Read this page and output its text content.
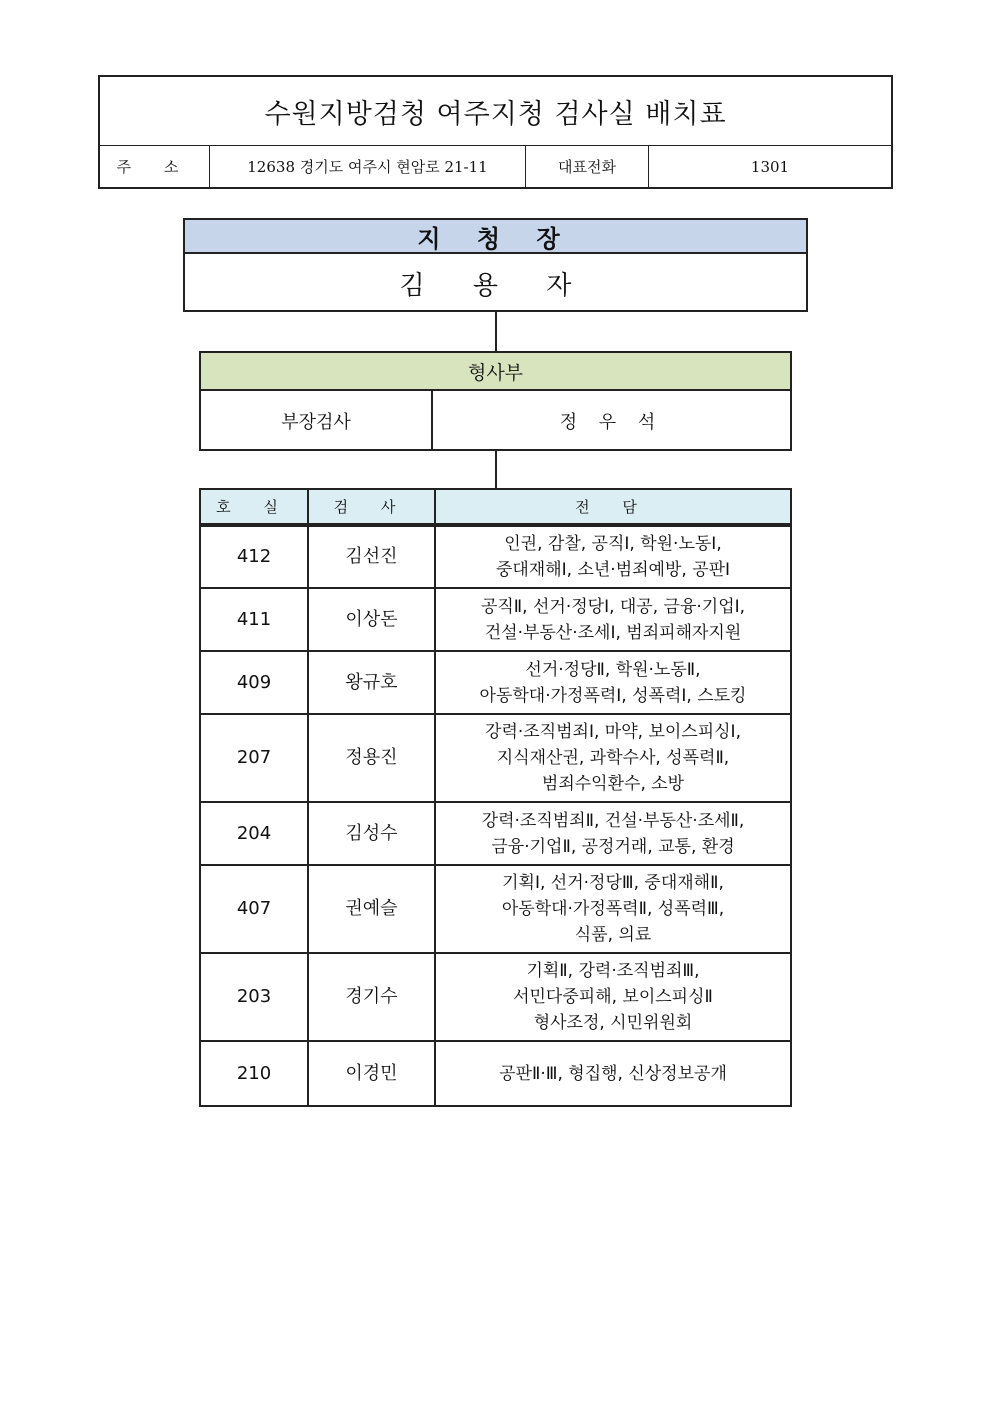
수원지방검청 여주지청 검사실 배치표
주 소	12638 경기도 여주시 현암로 21-11	대표전화	1301
지 청 장
김 용 자
형사부
부장검사	정 우 석
호 실	검 사	전 담
412	김선진	인권, 감찰, 공직Ⅰ, 학원·노동Ⅰ,
중대재해Ⅰ, 소년·범죄예방, 공판Ⅰ

411	이상돈	공직Ⅱ, 선거·정당Ⅰ, 대공, 금융·기업Ⅰ,
건설·부동산·조세Ⅰ, 범죄피해자지원

409	왕규호	선거·정당Ⅱ, 학원·노동Ⅱ,
아동학대·가정폭력Ⅰ, 성폭력Ⅰ, 스토킹

207	정용진	강력·조직범죄Ⅰ, 마약, 보이스피싱Ⅰ,
지식재산권, 과학수사, 성폭력Ⅱ,
범죄수익환수, 소방

204	김성수	강력·조직범죄Ⅱ, 건설·부동산·조세Ⅱ,
금융·기업Ⅱ, 공정거래, 교통, 환경

407	권예슬	기획Ⅰ, 선거·정당Ⅲ, 중대재해Ⅱ,
아동학대·가정폭력Ⅱ, 성폭력Ⅲ,
식품, 의료

203	경기수	기획Ⅱ, 강력·조직범죄Ⅲ,
서민다중피해, 보이스피싱Ⅱ
형사조정, 시민위원회

210	이경민	공판Ⅱ·Ⅲ, 형집행, 신상정보공개
